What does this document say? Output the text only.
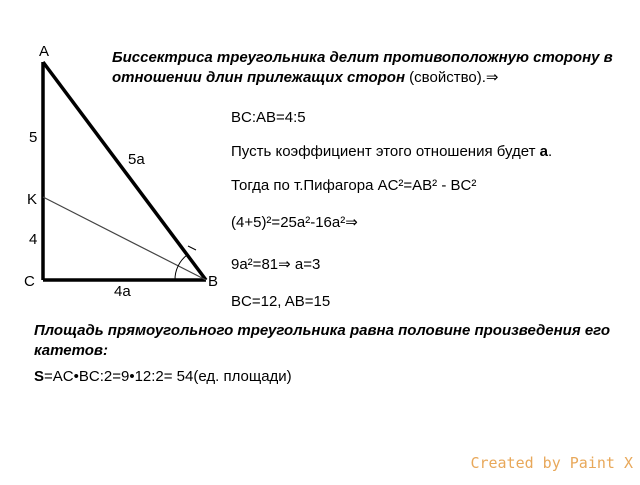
A
B
C
K
5
4
5a
4a
Биссектриса треугольника делит противоположную сторону в отношении длин прилежащих сторон (свойство).⇒
BC:AB=4:5
Пусть коэффициент этого отношения будет a.
Тогда по т.Пифагора AC²=AB² - BC²
(4+5)²=25a²-16a²⇒
9a²=81⇒ a=3
BC=12, AB=15
Площадь прямоугольного треугольника равна половине произведения его катетов:
S=AC•BC:2=9•12:2= 54(ед. площади)
Created by Paint X
